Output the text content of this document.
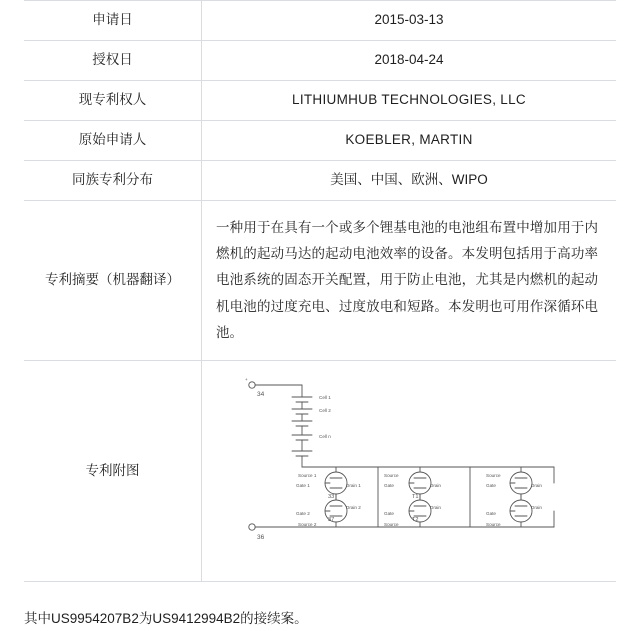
申请日	2015-03-13
授权日	2018-04-24
现专利权人	LITHIUMHUB TECHNOLOGIES, LLC
原始申请人	KOEBLER, MARTIN
同族专利分布	美国、中国、欧洲、WIPO
专利摘要（机器翻译）	一种用于在具有一个或多个锂基电池的电池组布置中增加用于内燃机的起动马达的起动电池效率的设备。本发明包括用于高功率电池系统的固态开关配置，用于防止电池，尤其是内燃机的起动机电池的过度充电、过度放电和短路。本发明也可用作深循环电池。
专利附图	
+
34
36
Cell 1
Cell 2
Cell n
Source 1
Gate 1	Drain 1
33
Source
Gate	Drain
T1
Source
Gate	Drain
Gate 2
Drain 2
Source 2
37
Gate
Drain
Source
T2
Gate
Drain
Source

其中US9954207B2为US9412994B2的接续案。
